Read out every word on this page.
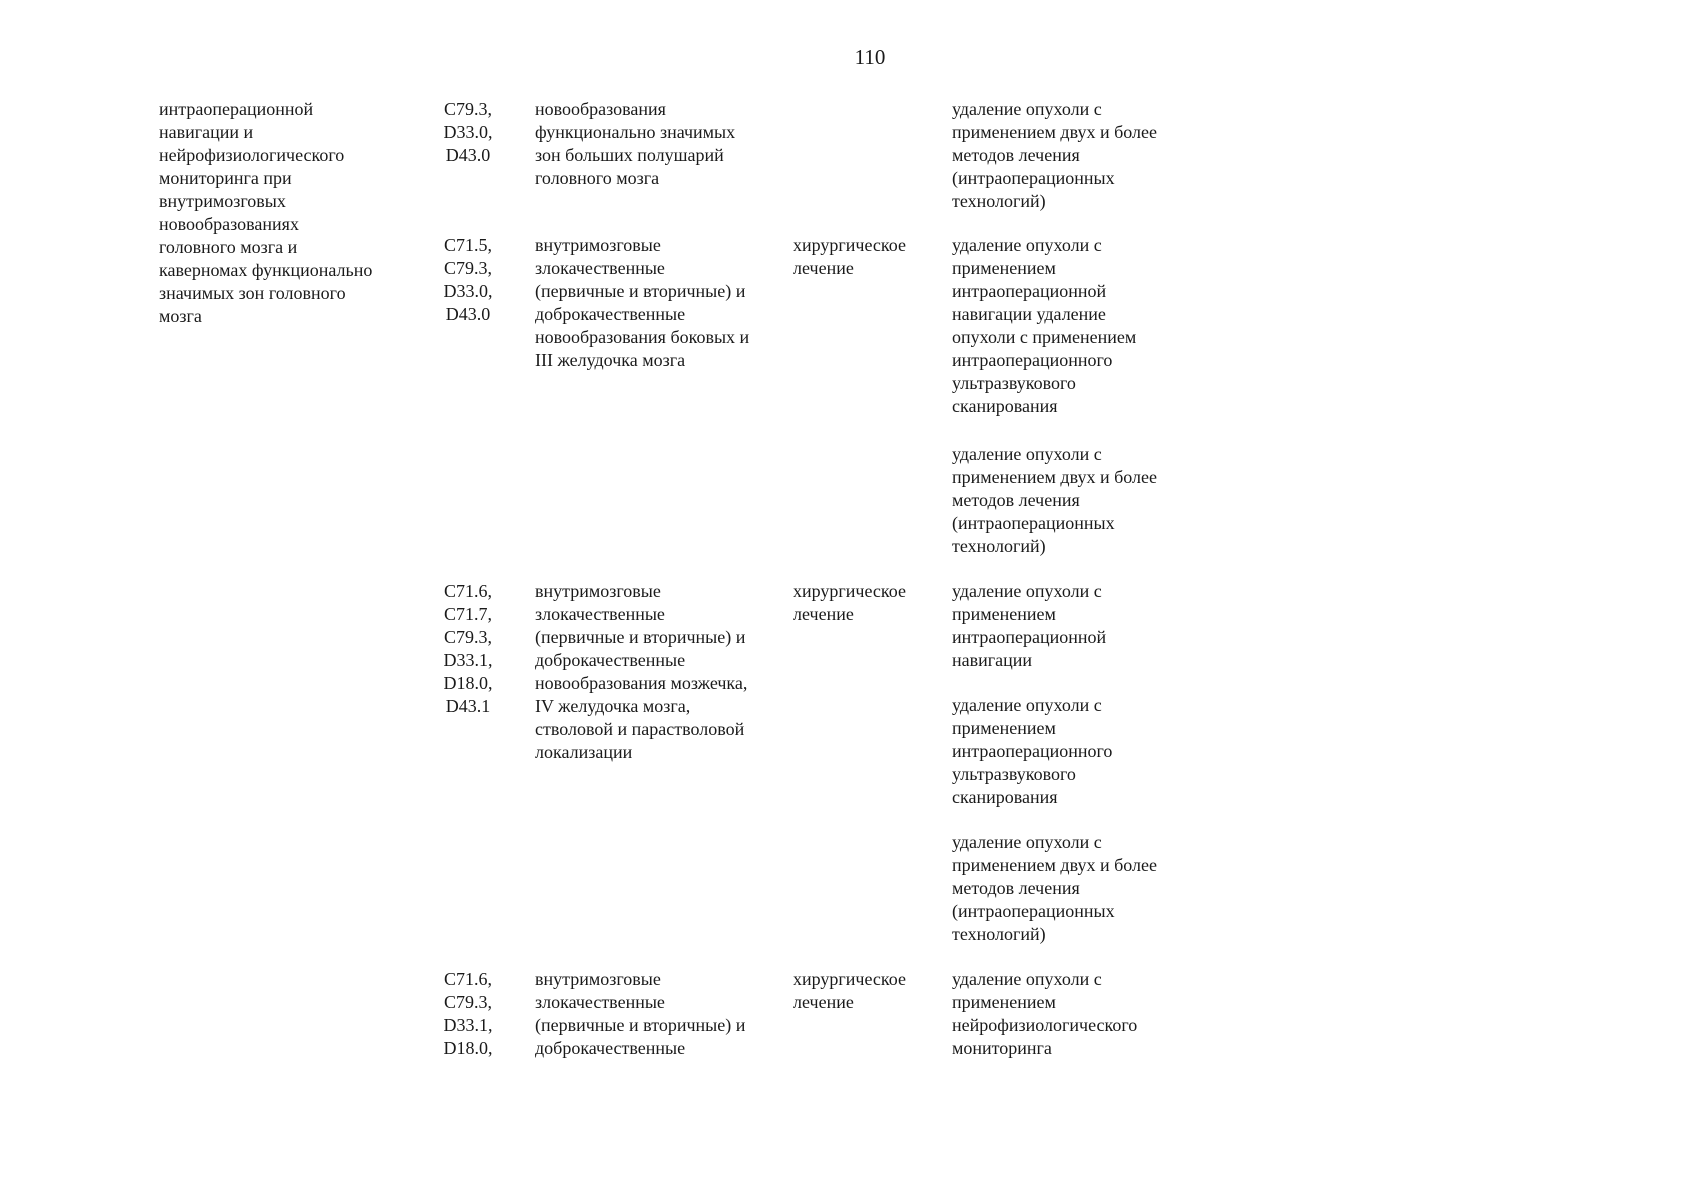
110
интраоперационной
навигации и
нейрофизиологического
мониторинга при
внутримозговых
новообразованиях
головного мозга и
каверномах функционально
значимых зон головного
мозга
C79.3,
D33.0,
D43.0
новообразования
функционально значимых
зон больших полушарий
головного мозга
удаление опухоли с
применением двух и более
методов лечения
(интраоперационных
технологий)
C71.5,
C79.3,
D33.0,
D43.0
внутримозговые
злокачественные
(первичные и вторичные) и
доброкачественные
новообразования боковых и
III желудочка мозга
хирургическое
лечение
удаление опухоли с
применением
интраоперационной
навигации удаление
опухоли с применением
интраоперационного
ультразвукового
сканирования
удаление опухоли с
применением двух и более
методов лечения
(интраоперационных
технологий)
C71.6,
C71.7,
C79.3,
D33.1,
D18.0,
D43.1
внутримозговые
злокачественные
(первичные и вторичные) и
доброкачественные
новообразования мозжечка,
IV желудочка мозга,
стволовой и парастволовой
локализации
хирургическое
лечение
удаление опухоли с
применением
интраоперационной
навигации
удаление опухоли с
применением
интраоперационного
ультразвукового
сканирования
удаление опухоли с
применением двух и более
методов лечения
(интраоперационных
технологий)
C71.6,
C79.3,
D33.1,
D18.0,
внутримозговые
злокачественные
(первичные и вторичные) и
доброкачественные
хирургическое
лечение
удаление опухоли с
применением
нейрофизиологического
мониторинга
